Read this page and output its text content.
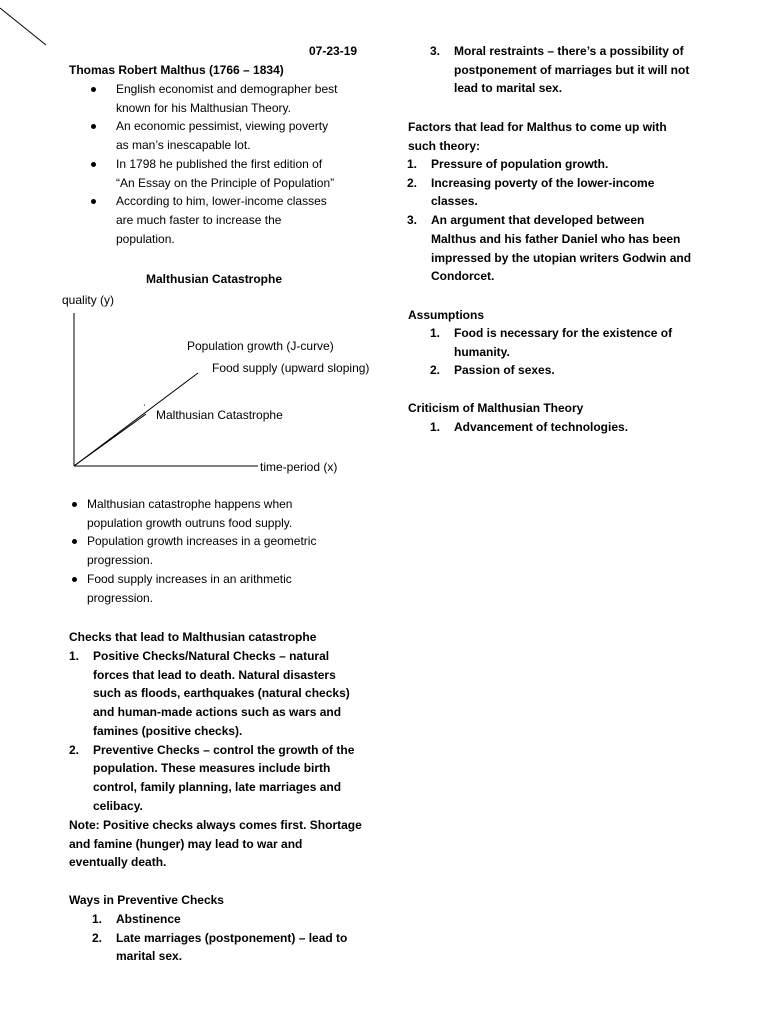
07-23-19
Thomas Robert Malthus (1766 – 1834)
English economist and demographer best
known for his Malthusian Theory.
An economic pessimist, viewing poverty
as man’s inescapable lot.
In 1798 he published the first edition of
“An Essay on the Principle of Population”
According to him, lower-income classes
are much faster to increase the
population.
Malthusian Catastrophe
quality (y)
Population growth (J-curve)
Food supply (upward sloping)
˙ Malthusian Catastrophe
time-period (x)
Malthusian catastrophe happens when
population growth outruns food supply.
Population growth increases in a geometric
progression.
Food supply increases in an arithmetic
progression.
Checks that lead to Malthusian catastrophe
1. Positive Checks/Natural Checks – natural
forces that lead to death. Natural disasters
such as floods, earthquakes (natural checks)
and human-made actions such as wars and
famines (positive checks).
2. Preventive Checks – control the growth of the
population. These measures include birth
control, family planning, late marriages and
celibacy.
Note: Positive checks always comes first. Shortage
and famine (hunger) may lead to war and
eventually death.
Ways in Preventive Checks
1. Abstinence
2. Late marriages (postponement) – lead to
marital sex.
3. Moral restraints – there’s a possibility of
postponement of marriages but it will not
lead to marital sex.
Factors that lead for Malthus to come up with
such theory:
1. Pressure of population growth.
2. Increasing poverty of the lower-income
classes.
3. An argument that developed between
Malthus and his father Daniel who has been
impressed by the utopian writers Godwin and
Condorcet.
Assumptions
1. Food is necessary for the existence of
humanity.
2. Passion of sexes.
Criticism of Malthusian Theory
1. Advancement of technologies.
